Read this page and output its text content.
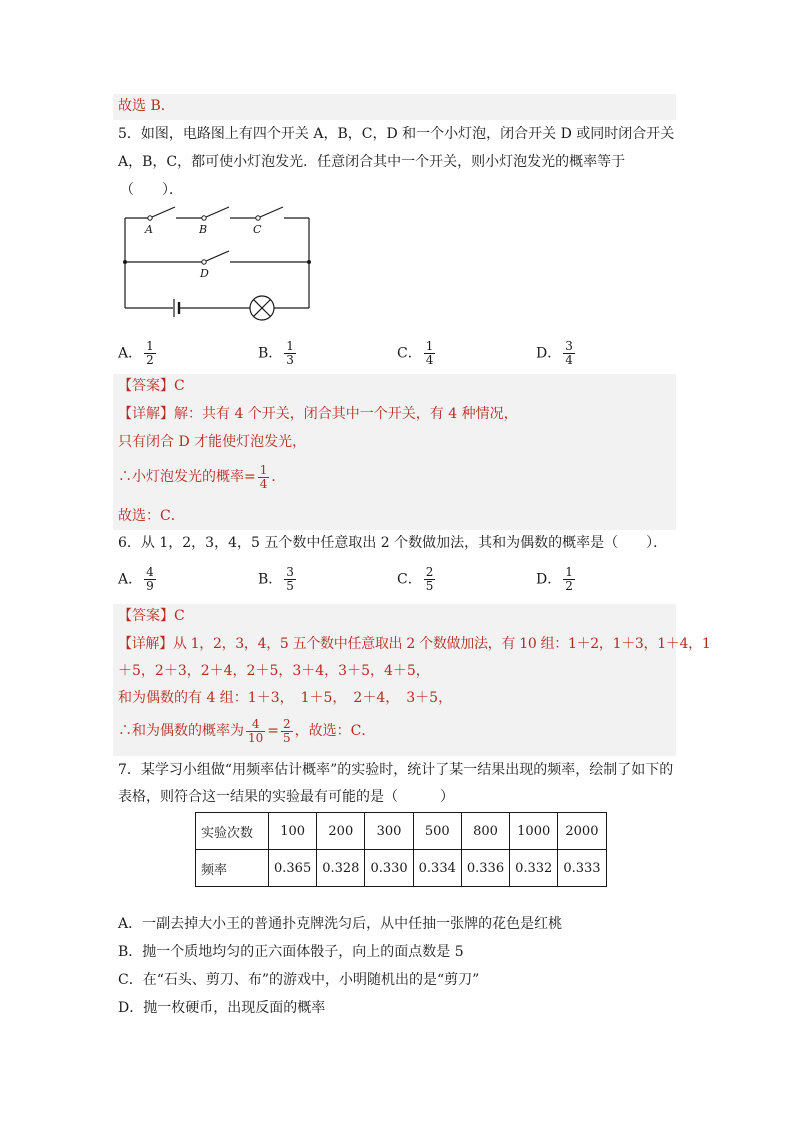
故选 B．
5．如图，电路图上有四个开关 A，B，C，D 和一个小灯泡，闭合开关 D 或同时闭合开关
A，B，C，都可使小灯泡发光．任意闭合其中一个开关，则小灯泡发光的概率等于
（　　）．
A	B	C
D
A． $\frac{1}{2}$	B． $\frac{1}{3}$	C． $\frac{1}{4}$	D． $\frac{3}{4}$
【答案】C
【详解】解：共有 4 个开关，闭合其中一个开关，有 4 种情况，
只有闭合 D 才能使灯泡发光，
∴小灯泡发光的概率= $\frac{1}{4}$ ．
故选：C．
6．从 1，2，3，4，5 五个数中任意取出 2 个数做加法，其和为偶数的概率是（　　）．
A． $\frac{4}{9}$	B． $\frac{3}{5}$	C． $\frac{2}{5}$	D． $\frac{1}{2}$
【答案】C
【详解】从 1，2，3，4，5 五个数中任意取出 2 个数做加法，有 10 组：1＋2，1＋3，1＋4，1
＋5，2＋3，2＋4，2＋5，3＋4，3＋5，4＋5，
和为偶数的有 4 组：1＋3，　1＋5，　2＋4，　3＋5，
∴和为偶数的概率为 $\frac{4}{10} = \frac{2}{5}$ ，故选：C．
7．某学习小组做“用频率估计概率”的实验时，统计了某一结果出现的频率，绘制了如下的
表格，则符合这一结果的实验最有可能的是（　　　）
实验次数	100	200	300	500	800	1000	2000
频率	0.365	0.328	0.330	0.334	0.336	0.332	0.333
A．一副去掉大小王的普通扑克牌洗匀后，从中任抽一张牌的花色是红桃
B．抛一个质地均匀的正六面体骰子，向上的面点数是 5
C．在“石头、剪刀、布”的游戏中，小明随机出的是“剪刀”
D．抛一枚硬币，出现反面的概率
